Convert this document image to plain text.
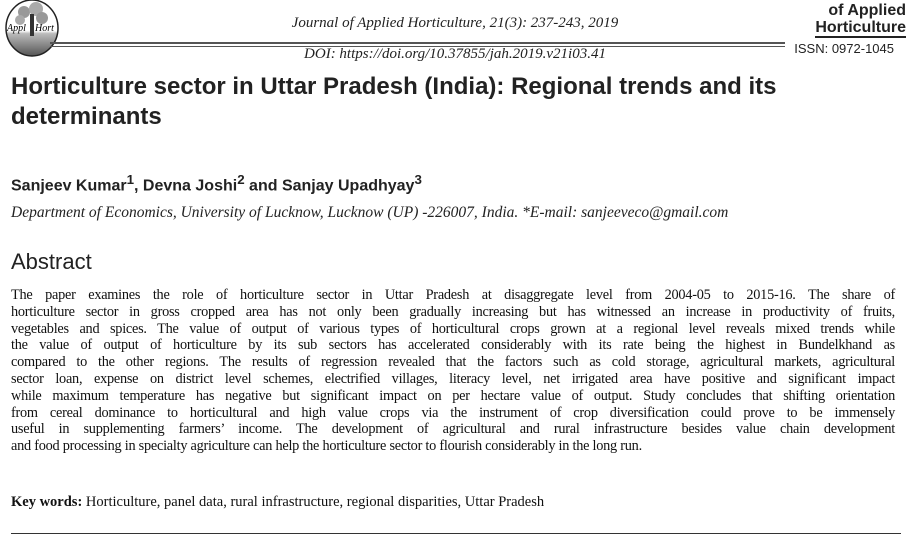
Appl Hort	Journal of Applied Horticulture, 21(3): 237-243, 2019
DOI: https://doi.org/10.37855/jah.2019.v21i03.41
of Applied
Horticulture
ISSN: 0972-1045
Horticulture sector in Uttar Pradesh (India): Regional trends and its determinants
Sanjeev Kumar$^1$, Devna Joshi$^2$ and Sanjay Upadhyay$^3$
Department of Economics, University of Lucknow, Lucknow (UP) -226007, India. *E-mail: sanjeeveco@gmail.com
Abstract
The paper examines the role of horticulture sector in Uttar Pradesh at disaggregate level from 2004-05 to 2015-16. The share of
horticulture sector in gross cropped area has not only been gradually increasing but has witnessed an increase in productivity of fruits,
vegetables and spices. The value of output of various types of horticultural crops grown at a regional level reveals mixed trends while
the value of output of horticulture by its sub sectors has accelerated considerably with its rate being the highest in Bundelkhand as
compared to the other regions. The results of regression revealed that the factors such as cold storage, agricultural markets, agricultural
sector loan, expense on district level schemes, electrified villages, literacy level, net irrigated area have positive and significant impact
while maximum temperature has negative but significant impact on per hectare value of output. Study concludes that shifting orientation
from cereal dominance to horticultural and high value crops via the instrument of crop diversification could prove to be immensely
useful in supplementing farmers’ income. The development of agricultural and rural infrastructure besides value chain development
and food processing in specialty agriculture can help the horticulture sector to flourish considerably in the long run.
Key words: Horticulture, panel data, rural infrastructure, regional disparities, Uttar Pradesh
